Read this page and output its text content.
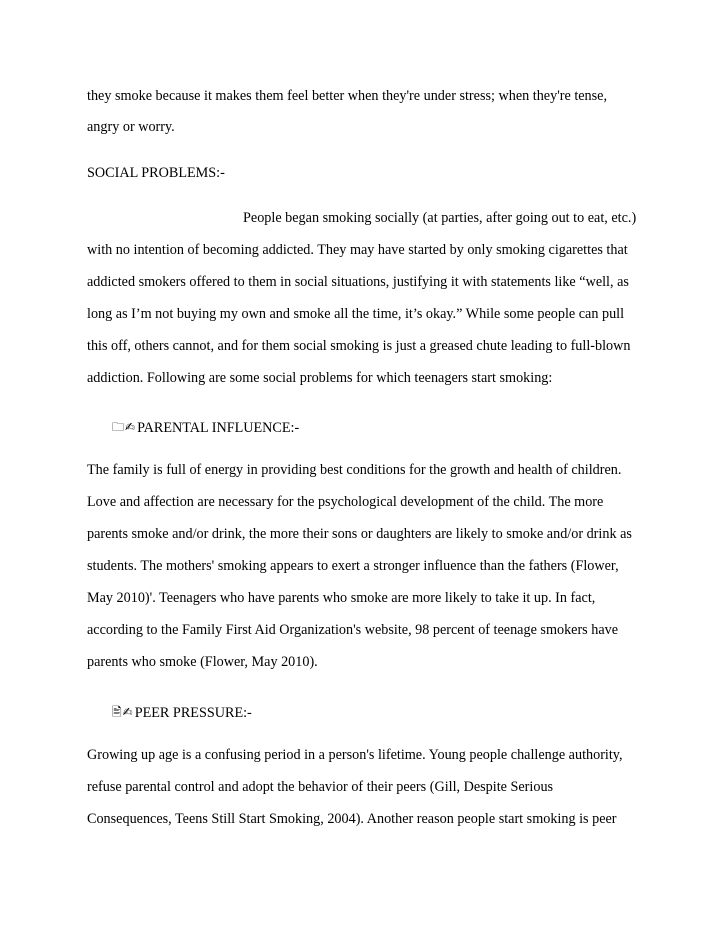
they smoke because it makes them feel better when they're under stress; when they're tense,

angry or worry.

SOCIAL PROBLEMS:-

People began smoking socially (at parties, after going out to eat, etc.)

with no intention of becoming addicted. They may have started by only smoking cigarettes that

addicted smokers offered to them in social situations, justifying it with statements like “well, as

long as I’m not buying my own and smoke all the time, it’s okay.” While some people can pull

this off, others cannot, and for them social smoking is just a greased chute leading to full-blown

addiction. Following are some social problems for which teenagers start smoking:

🗀✍PARENTAL INFLUENCE:-

The family is full of energy in providing best conditions for the growth and health of children.

Love and affection are necessary for the psychological development of the child. The more

parents smoke and/or drink, the more their sons or daughters are likely to smoke and/or drink as

students. The mothers' smoking appears to exert a stronger influence than the fathers (Flower,

May 2010)'. Teenagers who have parents who smoke are more likely to take it up. In fact,

according to the Family First Aid Organization's website, 98 percent of teenage smokers have

parents who smoke (Flower, May 2010).

🖹✍PEER PRESSURE:-

Growing up age is a confusing period in a person's lifetime. Young people challenge authority,

refuse parental control and adopt the behavior of their peers (Gill, Despite Serious

Consequences, Teens Still Start Smoking, 2004). Another reason people start smoking is peer
